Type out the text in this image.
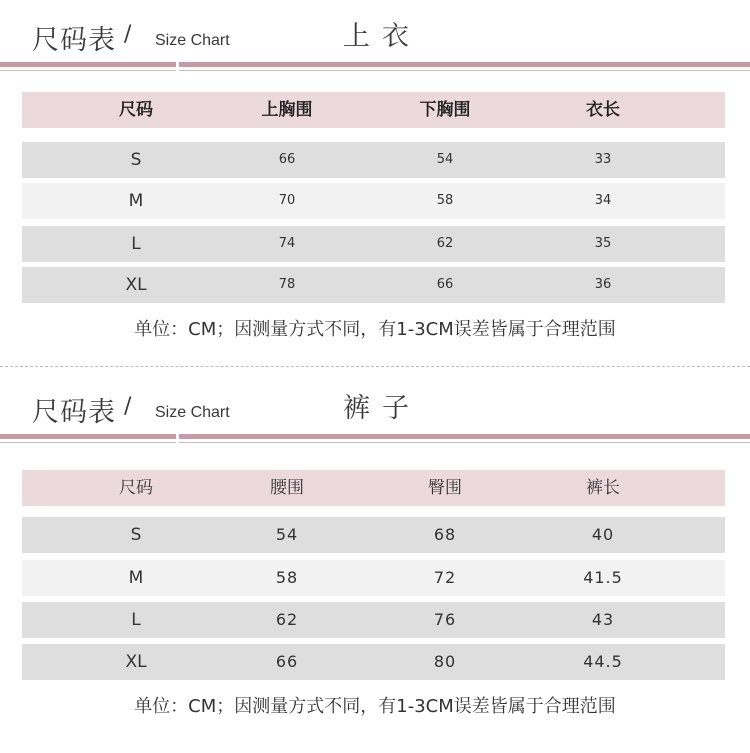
尺码表 / Size Chart	上衣
尺码	上胸围	下胸围	衣长
S	66	54	33
M	70	58	34
L	74	62	35
XL	78	66	36
单位：CM；因测量方式不同，有1-3CM误差皆属于合理范围
尺码表 / Size Chart	裤子
尺码	腰围	臀围	裤长
S	54	68	40
M	58	72	41.5
L	62	76	43
XL	66	80	44.5
单位：CM；因测量方式不同，有1-3CM误差皆属于合理范围
